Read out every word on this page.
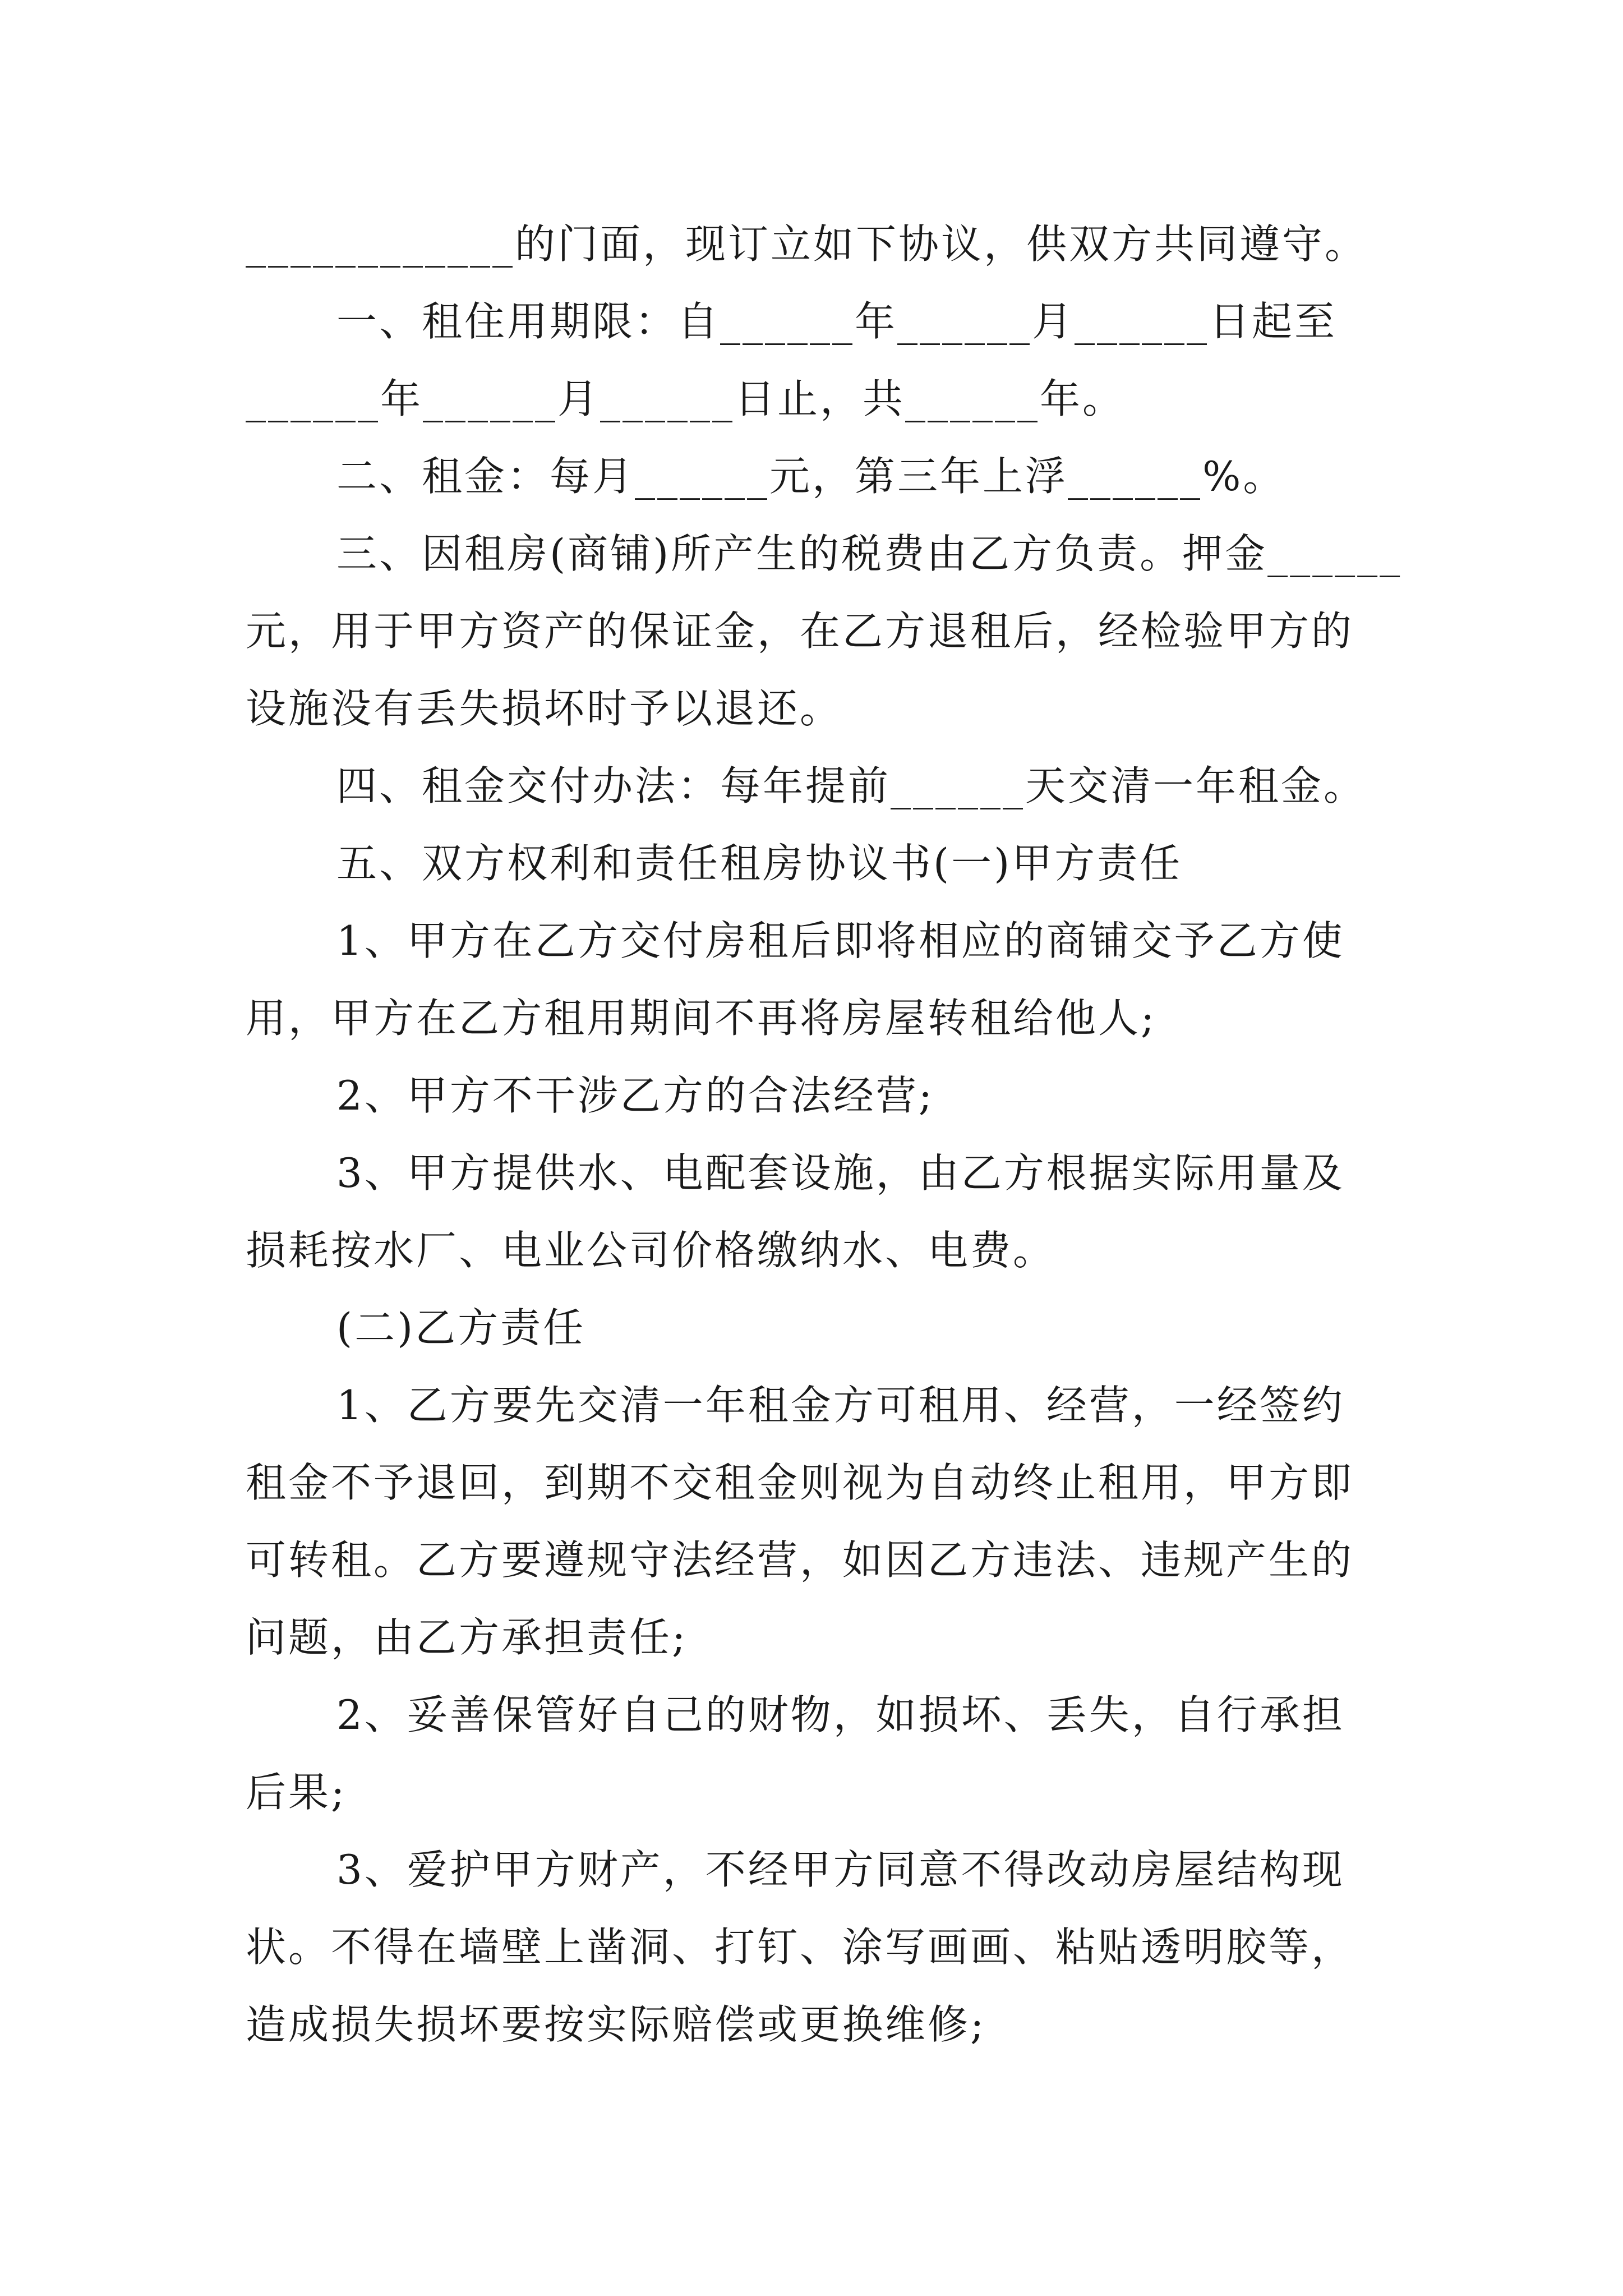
____________的门面，现订立如下协议，供双方共同遵守。
一、租住用期限：自______年______月______日起至
______年______月______日止，共______年。
二、租金：每月______元，第三年上浮______%。
三、因租房(商铺)所产生的税费由乙方负责。押金______
元，用于甲方资产的保证金，在乙方退租后，经检验甲方的
设施没有丢失损坏时予以退还。
四、租金交付办法：每年提前______天交清一年租金。
五、双方权利和责任租房协议书(一)甲方责任
1、甲方在乙方交付房租后即将相应的商铺交予乙方使
用，甲方在乙方租用期间不再将房屋转租给他人;
2、甲方不干涉乙方的合法经营;
3、甲方提供水、电配套设施，由乙方根据实际用量及
损耗按水厂、电业公司价格缴纳水、电费。
(二)乙方责任
1、乙方要先交清一年租金方可租用、经营，一经签约
租金不予退回，到期不交租金则视为自动终止租用，甲方即
可转租。乙方要遵规守法经营，如因乙方违法、违规产生的
问题，由乙方承担责任;
2、妥善保管好自己的财物，如损坏、丢失，自行承担
后果;
3、爱护甲方财产，不经甲方同意不得改动房屋结构现
状。不得在墙壁上凿洞、打钉、涂写画画、粘贴透明胶等，
造成损失损坏要按实际赔偿或更换维修;
